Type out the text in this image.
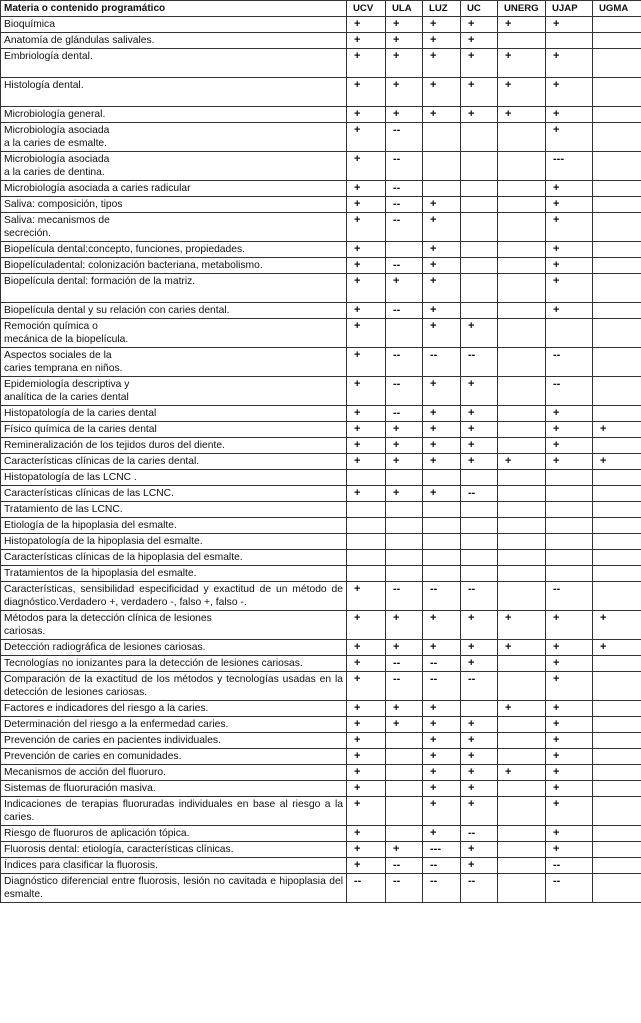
Materia o contenido programático	UCV	ULA	LUZ	UC	UNERG	UJAP	UGMA

Bioquímica	+	+	+	+	+	+	

Anatomía de glándulas salivales.	+	+	+	+			

Embriología dental.	+	+	+	+	+	+	

Histología dental.	+	+	+	+	+	+	

Microbiología general.	+	+	+	+	+	+	

Microbiología asociada
a la caries de esmalte.	+	--				+	

Microbiología asociada
a la caries de dentina.	+	--				---	

Microbiología asociada a caries radicular	+	--				+	

Saliva: composición, tipos	+	--	+			+	

Saliva: mecanismos de
secreción.	+	--	+			+	

Biopelícula dental:concepto, funciones, propiedades.	+		+			+	

Biopelículadental: colonización bacteriana, metabolismo.	+	--	+			+	

Biopelícula dental: formación de la matriz.	+	+	+			+	

Biopelícula dental y su relación con caries dental.	+	--	+			+	

Remoción química o
mecánica de la biopelícula.	+		+	+			

Aspectos sociales de la
caries temprana en niños.	+	--	--	--		--	

Epidemiología descriptiva y
analítica de la caries dental	+	--	+	+		--	

Histopatología de la caries dental	+	--	+	+		+	

Físico química de la caries dental	+	+	+	+		+	+

Remineralización de los tejidos duros del diente.	+	+	+	+		+	

Características clínicas de la caries dental.	+	+	+	+	+	+	+

Histopatología de las LCNC .							

Características clínicas de las LCNC.	+	+	+	--			

Tratamiento de las LCNC.							

Etiología de la hipoplasia del esmalte.							

Histopatología de la hipoplasia del esmalte.							

Características clínicas de la hipoplasia del esmalte.							

Tratamientos de la hipoplasia del esmalte.							

Características, sensibilidad especificidad y exactitud de un método de diagnóstico.Verdadero +, verdadero -, falso +, falso -.	+	--	--	--		--	

Métodos para la detección clínica de lesiones
cariosas.	+	+	+	+	+	+	+

Detección radiográfica de lesiones cariosas.	+	+	+	+	+	+	+

Tecnologías no ionizantes para la detección de lesiones cariosas.	+	--	--	+		+	

Comparación de la exactitud de los métodos y tecnologías usadas en la detección de lesiones cariosas.	+	--	--	--		+	

Factores e indicadores del riesgo a la caries.	+	+	+		+	+	

Determinación del riesgo a la enfermedad caries.	+	+	+	+		+	

Prevención de caries en pacientes individuales.	+		+	+		+	

Prevención de caries en comunidades.	+		+	+		+	

Mecanismos de acción del fluoruro.	+		+	+	+	+	

Sistemas de fluoruración masiva.	+		+	+		+	

Indicaciones de terapias fluoruradas individuales en base al riesgo a la caries.	+		+	+		+	

Riesgo de fluoruros de aplicación tópica.	+		+	--		+	

Fluorosis dental: etiología, características clínicas.	+	+	---	+		+	

Índices para clasificar la fluorosis.	+	--	--	+		--	

Diagnóstico diferencial entre fluorosis, lesión no cavitada e hipoplasia del esmalte.	--	--	--	--		--	
